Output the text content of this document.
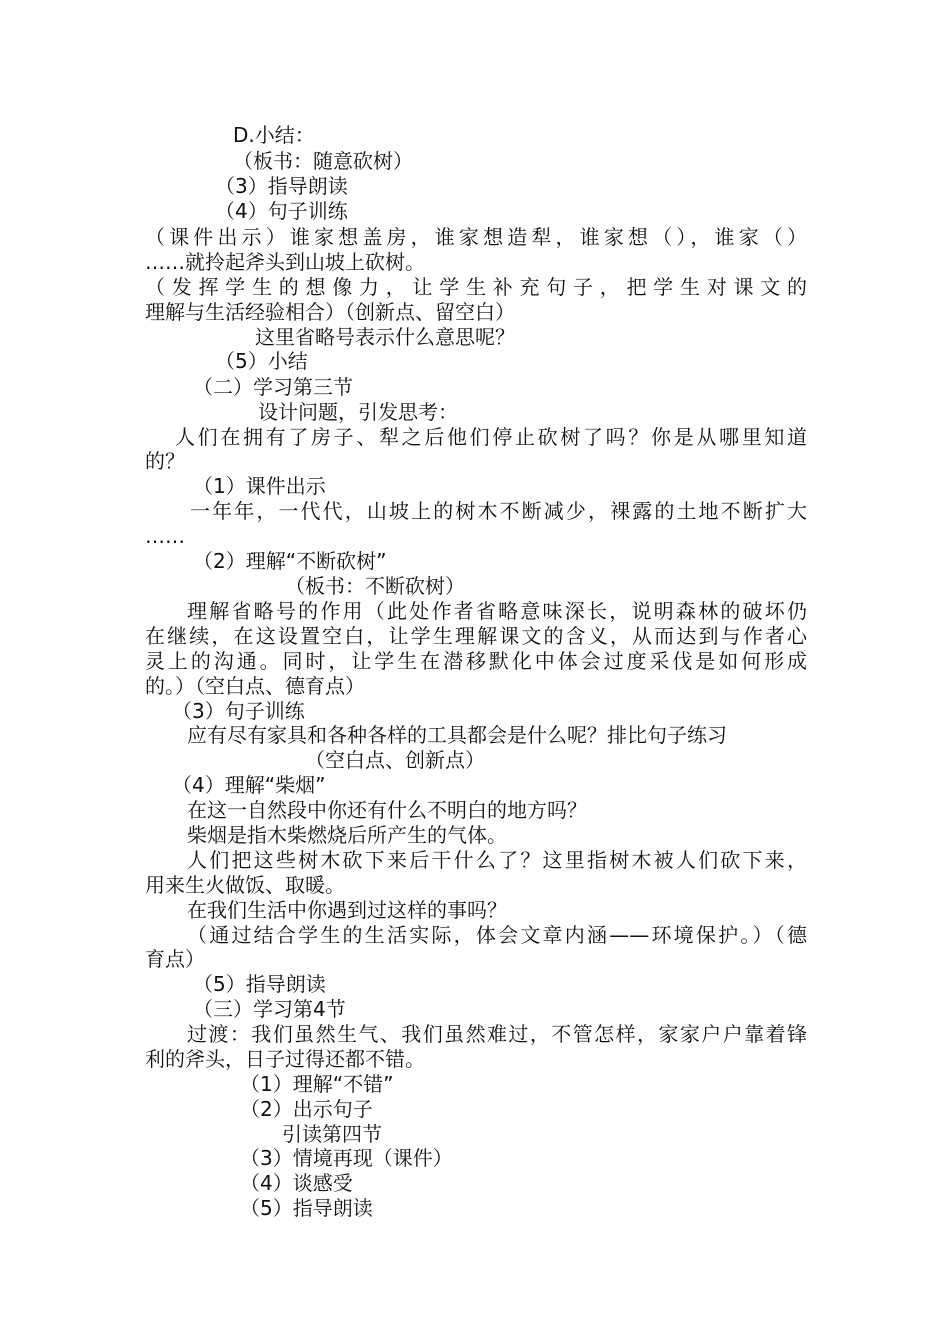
D.小结：
（板书：随意砍树）
（3）指导朗读
（4）句子训练
（课件出示）谁家想盖房，谁家想造犁，谁家想（），谁家（）
……就拎起斧头到山坡上砍树。
（发挥学生的想像力，让学生补充句子，把学生对课文的
理解与生活经验相合）（创新点、留空白）
这里省略号表示什么意思呢？
（5）小结
（二）学习第三节
设计问题，引发思考：
人们在拥有了房子、犁之后他们停止砍树了吗？你是从哪里知道
的？
（1）课件出示
一年年，一代代，山坡上的树木不断减少，裸露的土地不断扩大
……
（2）理解“不断砍树”
（板书：不断砍树）
理解省略号的作用（此处作者省略意味深长，说明森林的破坏仍
在继续，在这设置空白，让学生理解课文的含义，从而达到与作者心
灵上的沟通。同时，让学生在潜移默化中体会过度采伐是如何形成
的。）（空白点、德育点）
（3）句子训练
应有尽有家具和各种各样的工具都会是什么呢？排比句子练习
（空白点、创新点）
（4）理解“柴烟”
在这一自然段中你还有什么不明白的地方吗？
柴烟是指木柴燃烧后所产生的气体。
人们把这些树木砍下来后干什么了？这里指树木被人们砍下来，
用来生火做饭、取暖。
在我们生活中你遇到过这样的事吗？
（通过结合学生的生活实际，体会文章内涵——环境保护。）（德
育点）
（5）指导朗读
（三）学习第4节
过渡：我们虽然生气、我们虽然难过，不管怎样，家家户户靠着锋
利的斧头，日子过得还都不错。
（1）理解“不错”
（2）出示句子
引读第四节
（3）情境再现（课件）
（4）谈感受
（5）指导朗读
